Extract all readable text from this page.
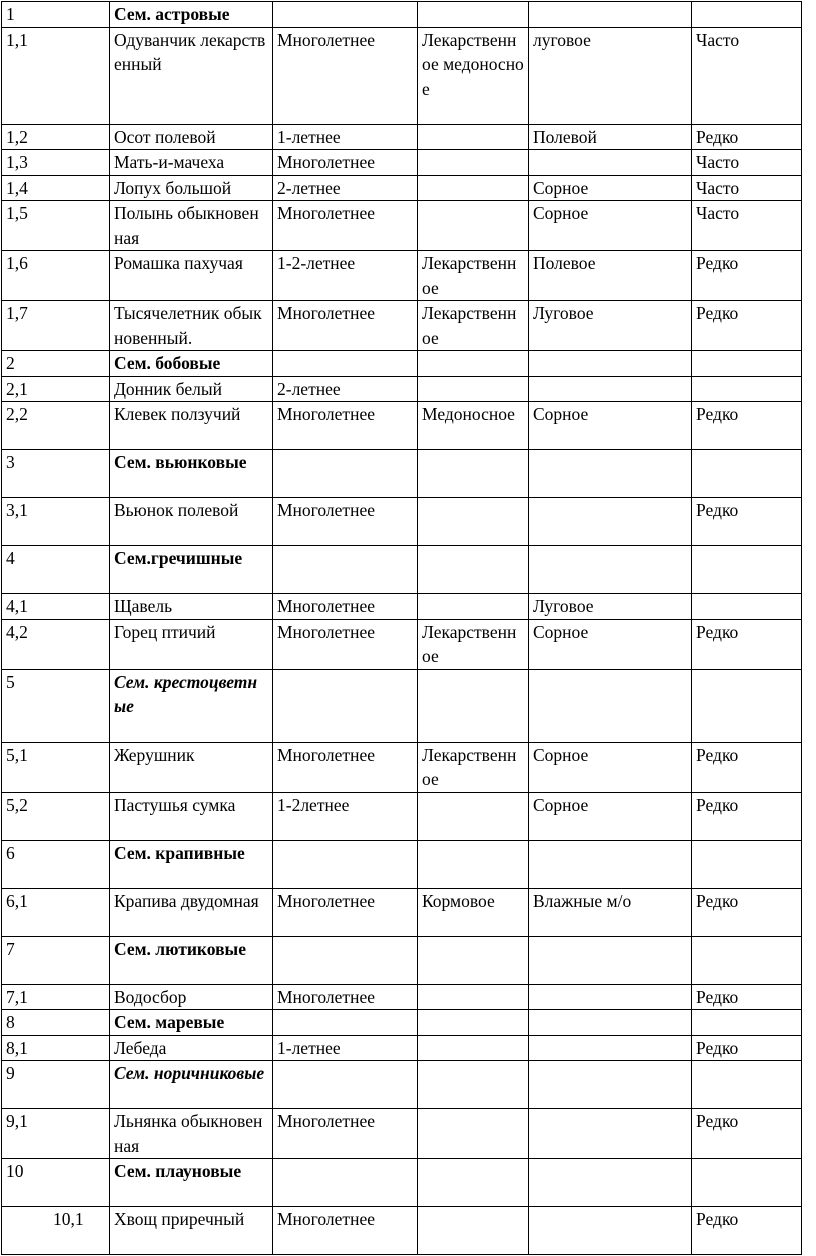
1	Сем. астровые				
1,1	Одуванчик лекарственный	Многолетнее	Лекарственное медоносное	луговое	Часто
1,2	Осот полевой	1-летнее		Полевой	Редко
1,3	Мать-и-мачеха	Многолетнее			Часто
1,4	Лопух большой	2-летнее		Сорное	Часто
1,5	Полынь обыкновенная	Многолетнее		Сорное	Часто
1,6	Ромашка пахучая	1-2-летнее	Лекарственное	Полевое	Редко
1,7	Тысячелетник обыкновенный.	Многолетнее	Лекарственное	Луговое	Редко
2	Сем. бобовые				
2,1	Донник белый	2-летнее			
2,2	Клевек ползучий	Многолетнее	Медоносное	Сорное	Редко
3	Сем. вьюнковые				
3,1	Вьюнок полевой	Многолетнее			Редко
4	Сем.гречишные				
4,1	Щавель	Многолетнее		Луговое	
4,2	Горец птичий	Многолетнее	Лекарственное	Сорное	Редко
5	Сем. крестоцветные				
5,1	Жерушник	Многолетнее	Лекарственное	Сорное	Редко
5,2	Пастушья сумка	1-2летнее		Сорное	Редко
6	Сем. крапивные				
6,1	Крапива двудомная	Многолетнее	Кормовое	Влажные м/о	Редко
7	Сем. лютиковые				
7,1	Водосбор	Многолетнее			Редко
8	Сем. маревые				
8,1	Лебеда	1-летнее			Редко
9	Сем. норичниковые				
9,1	Льнянка обыкновенная	Многолетнее			Редко
10	Сем. плауновые				
10,1	Хвощ приречный	Многолетнее			Редко
